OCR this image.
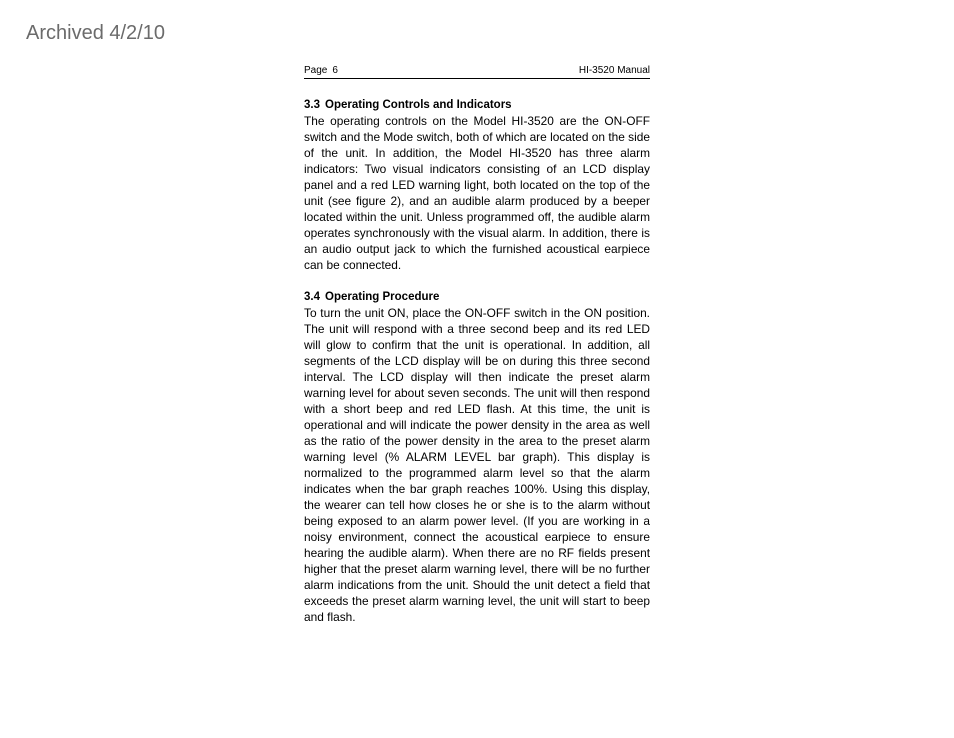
Archived 4/2/10
Page 6	HI-3520 Manual
3.3 Operating Controls and Indicators

The operating controls on the Model HI-3520 are the ON-OFF switch and the Mode switch, both of which are located on the side of the unit. In addition, the Model HI-3520 has three alarm indicators: Two visual indicators consisting of an LCD display panel and a red LED warning light, both located on the top of the unit (see figure 2), and an audible alarm produced by a beeper located within the unit. Unless programmed off, the audible alarm operates synchronously with the visual alarm. In addition, there is an audio output jack to which the furnished acoustical earpiece can be connected.

3.4 Operating Procedure

To turn the unit ON, place the ON-OFF switch in the ON position. The unit will respond with a three second beep and its red LED will glow to confirm that the unit is operational. In addition, all segments of the LCD display will be on during this three second interval. The LCD display will then indicate the preset alarm warning level for about seven seconds. The unit will then respond with a short beep and red LED flash. At this time, the unit is operational and will indicate the power density in the area as well as the ratio of the power density in the area to the preset alarm warning level (% ALARM LEVEL bar graph). This display is normalized to the programmed alarm level so that the alarm indicates when the bar graph reaches 100%. Using this display, the wearer can tell how closes he or she is to the alarm without being exposed to an alarm power level. (If you are working in a noisy environment, connect the acoustical earpiece to ensure hearing the audible alarm). When there are no RF fields present higher that the preset alarm warning level, there will be no further alarm indications from the unit. Should the unit detect a field that exceeds the preset alarm warning level, the unit will start to beep and flash.
